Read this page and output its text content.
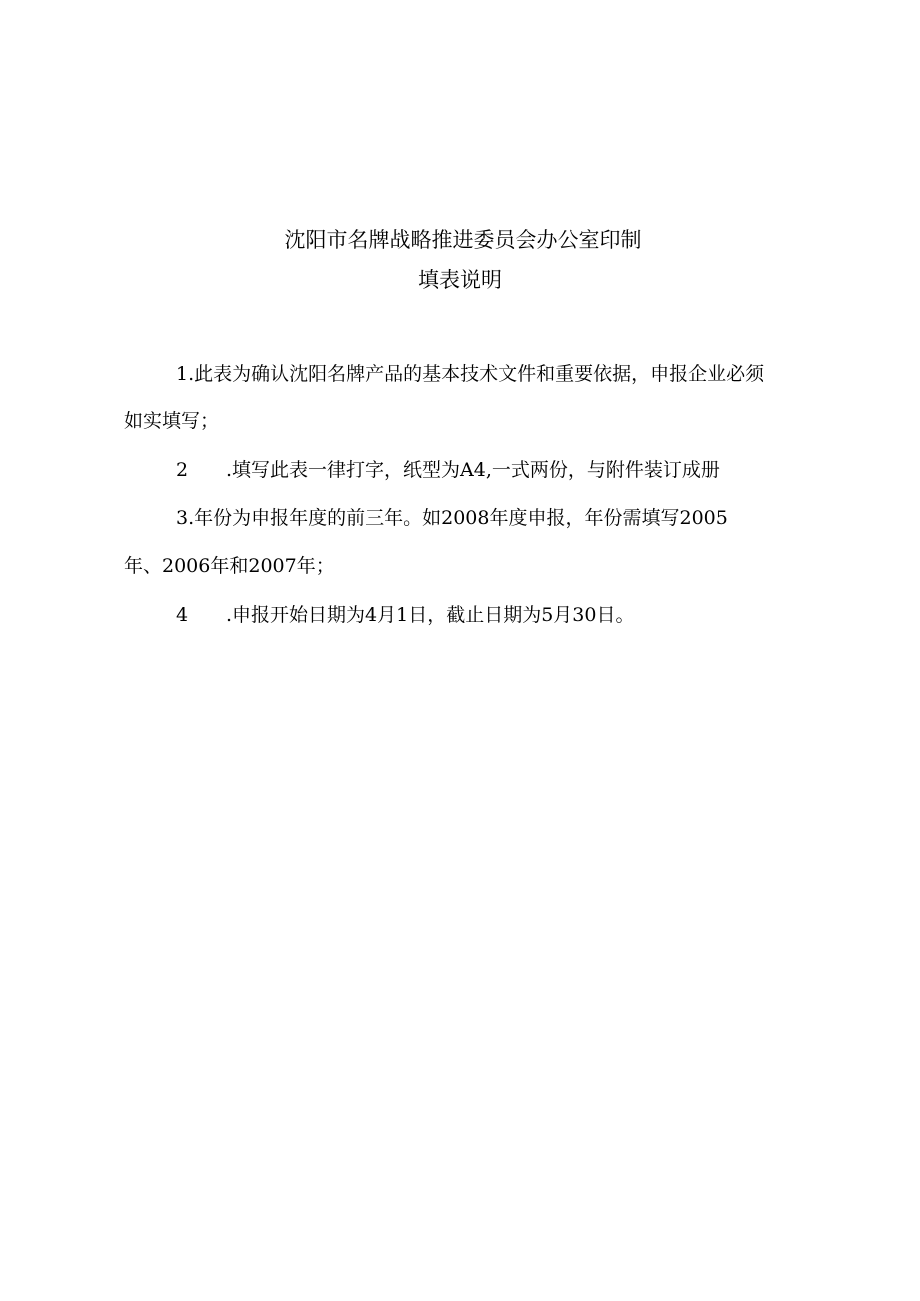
沈阳市名牌战略推进委员会办公室印制
填表说明
1.此表为确认沈阳名牌产品的基本技术文件和重要依据，申报企业必须
如实填写；
2 .填写此表一律打字，纸型为A4,一式两份，与附件装订成册
3.年份为申报年度的前三年。如2008年度申报，年份需填写2005
年、2006年和2007年；
4 .申报开始日期为4月1日，截止日期为5月30日。
